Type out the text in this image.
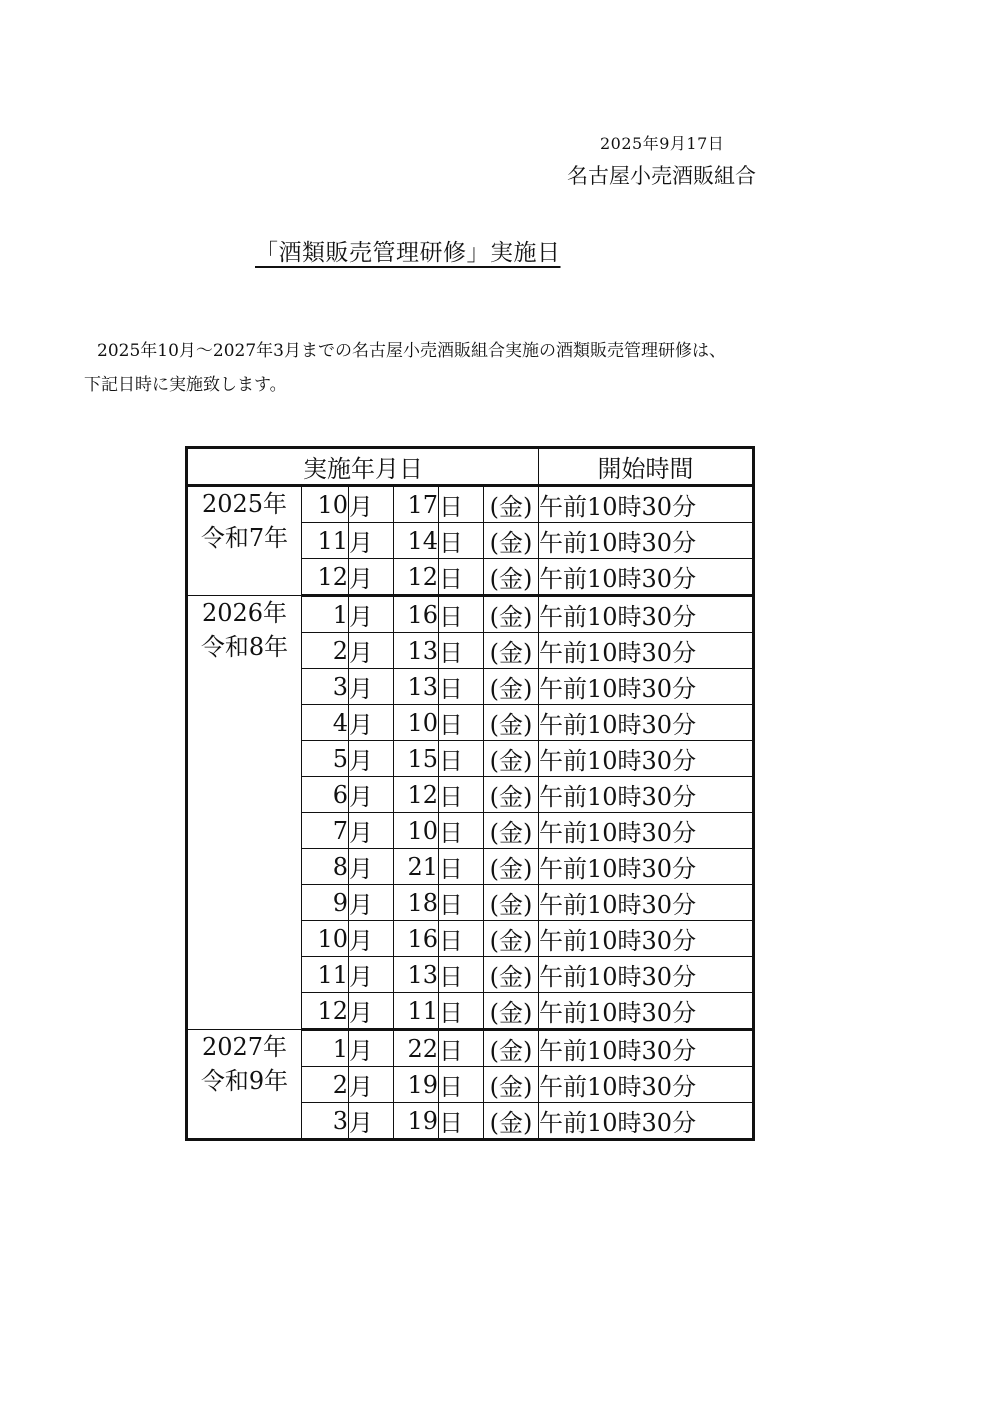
2025年9月17日
名古屋小売酒販組合
「酒類販売管理研修」実施日
2025年10月～2027年3月までの名古屋小売酒販組合実施の酒類販売管理研修は、
下記日時に実施致します。
実施年月日						開始時間

2025年
令和7年	10	月	17	日	(金)	午前10時30分
	11	月	14	日	(金)	午前10時30分
	12	月	12	日	(金)	午前10時30分

2026年
令和8年	1	月	16	日	(金)	午前10時30分
	2	月	13	日	(金)	午前10時30分
	3	月	13	日	(金)	午前10時30分
	4	月	10	日	(金)	午前10時30分
	5	月	15	日	(金)	午前10時30分
	6	月	12	日	(金)	午前10時30分
	7	月	10	日	(金)	午前10時30分
	8	月	21	日	(金)	午前10時30分
	9	月	18	日	(金)	午前10時30分
	10	月	16	日	(金)	午前10時30分
	11	月	13	日	(金)	午前10時30分
	12	月	11	日	(金)	午前10時30分

2027年
令和9年	1	月	22	日	(金)	午前10時30分
	2	月	19	日	(金)	午前10時30分
	3	月	19	日	(金)	午前10時30分
